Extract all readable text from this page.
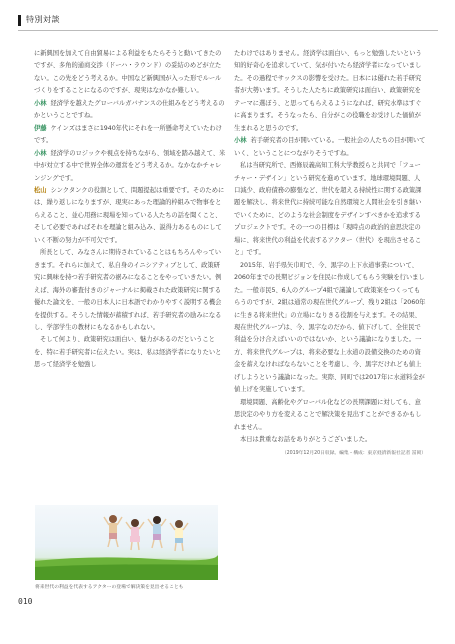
特別対談

に新興国を加えて自由貿易による利益をもたらそうと動いてきたのですが、多角的通商交渉（ドーハ・ラウンド）の妥結のめどが立たない。この先をどう考えるか。中国など新興国が入った形でルールづくりをすることになるのですが、現実はなかなか難しい。

小林 経済学を越えたグローバルガバナンスの仕組みをどう考えるのかということですね。

伊藤 ケインズはまさに1940年代にそれを一所懸命考えていたわけです。

小林 経済学のロジックや視点を持ちながら、領域を踏み越えて、米中が対立する中で世界全体の運営をどう考えるか。なかなかチャレンジングです。

松山 シンクタンクの役割として、問題提起は重要です。そのためには、繰り返しになりますが、現実にあった理論的枠組みで物事をとらえること、並心用務に現場を知っている人たちの話を聞くこと、そして必要であればそれを理論と組み込み、説得力あるものにしていく不断の努力が不可欠です。

所長として、みなさんに期待されていることはもちろんやっていきます。それらに加えて、私自身のイニシアティブとして、政策研究に興味を持つ若手研究者の裾みになることをやっていきたい。例えば、海外の審査付きのジャーナルに掲載された政策研究に関する優れた論文を、一般の日本人に日本語でわかりやすく説明する機会を提供する。そうした情報が蓄積すれば、若手研究者の励みになるし、学部学生の教材にもなるかもしれない。

そして何より、政策研究は面白い、魅力があるのだということを、特に若手研究者に伝えたい。実は、私は経済学者になりたいと思って経済学を勉強し

たわけではありません。経済学は面白い、もっと勉強したいという知的好奇心を追求していて、気が付いたら経済学者になっていました。その過程でサックスの影響を受けた。日本には優れた若手研究者が大勢います。そうした人たちに政策研究は面白い、政策研究をテーマに選ぼう、と思ってもらえるようになれば、研究水準はすぐに高まります。そうなったら、自分がこの役職をお受けした価値が生まれると思うのです。

小林 若手研究者の目が開いている。一般社会の人たちの目が開いていく、ということにつながりそうですね。

私は当研究所で、西條辰義高知工科大学教授らと共同で「フューチャー・デザイン」という研究を進めています。地球環境問題、人口減少、政府債務の膨張など、世代を超える持続性に関する政策課題を解決し、将来世代に持続可能な自然環境と人間社会を引き継いでいくために、どのような社会制度をデザインすべきかを追求するプロジェクトです。その一つの目標は「現時点の政治的意思決定の場に、将来世代の利益を代表するアクター（世代）を現出させること」です。

2015年、岩手県矢巾町で、今、黒字の上下水道事業について、2060年までの長期ビジョンを住民に作成してもらう実験を行いました。一般市民5、6人のグループ4組で議論して政策案をつくってもらうのですが、2組は通常の現在世代グループ、残り2組は「2060年に生きる将来世代」の立場になりきる役割を与えます。その結果、現在世代グループは、今、黒字なのだから、値下げして、全住民で利益を分け合えばいいのではないか、という議論になりました。一方、将来世代グループは、将来必要な上水道の設備交換のための資金を蓄えなければならないことを考慮し、今、黒字だけれども値上げしようという議論になった。実際、同町では2017年に水道料金が値上げを実施しています。

環境問題、高齢化やグローバル化などの長期課題に対しても、意思決定のやり方を変えることで解決策を見出すことができるかもしれません。

本日は貴重なお話をありがとうございました。

（2019年12月20日収録。編集・構成：東京経済新報社記者 冨岡）
将来世代の利益を代表するアクターの登場で解決策を見出せることも
010
